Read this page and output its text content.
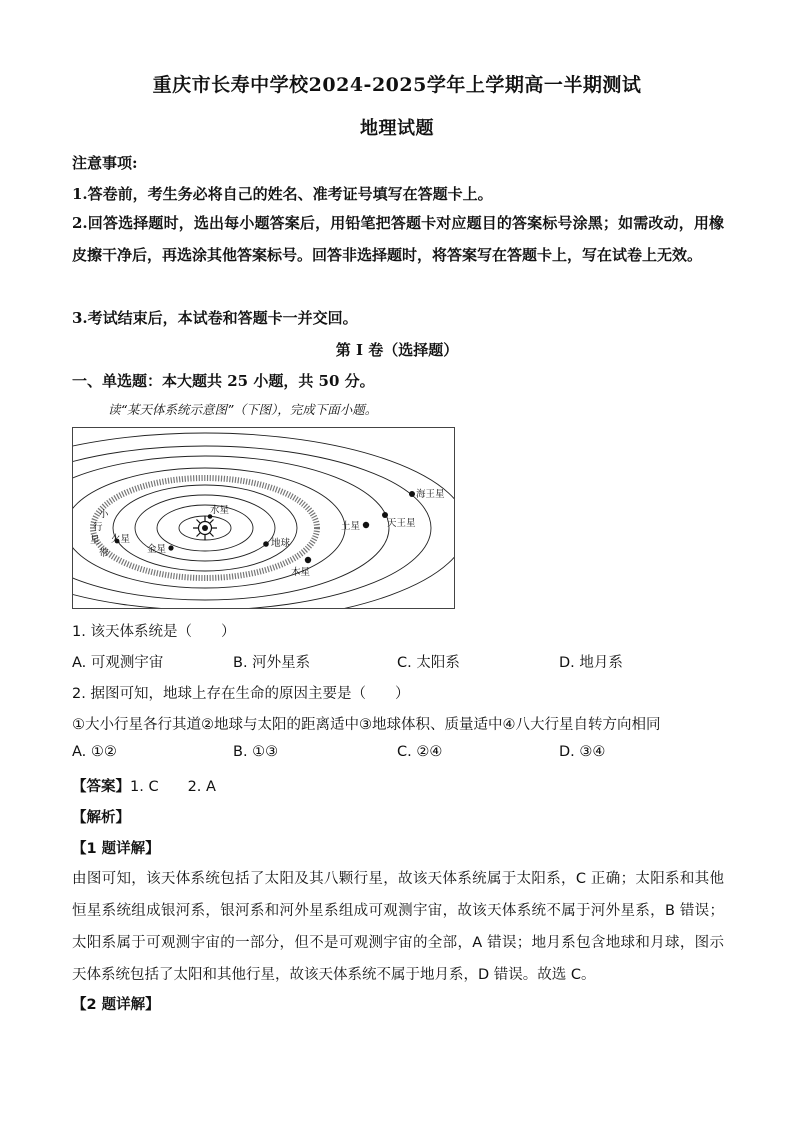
重庆市长寿中学校2024-2025学年上学期高一半期测试
地理试题
注意事项:
1.答卷前，考生务必将自己的姓名、准考证号填写在答题卡上。
2.回答选择题时，选出每小题答案后，用铅笔把答题卡对应题目的答案标号涂黑；如需改动，用橡皮擦干净后，再选涂其他答案标号。回答非选择题时，将答案写在答题卡上，写在试卷上无效。
3.考试结束后，本试卷和答题卡一并交回。
第 I 卷（选择题）
一、单选题：本大题共 25 小题，共 50 分。
读“某天体系统示意图”（下图），完成下面小题。
水星
金星
地球
火星
木星
土星	天王星
海王星
小
行
星
带
1. 该天体系统是（　　）
A. 可观测宇宙	B. 河外星系	C. 太阳系	D. 地月系
2. 据图可知，地球上存在生命的原因主要是（　　）
①大小行星各行其道②地球与太阳的距离适中③地球体积、质量适中④八大行星自转方向相同
A. ①②	B. ①③	C. ②④	D. ③④
【答案】1. C　　2. A
【解析】
【1 题详解】
由图可知，该天体系统包括了太阳及其八颗行星，故该天体系统属于太阳系，C 正确；太阳系和其他恒星系统组成银河系，银河系和河外星系组成可观测宇宙，故该天体系统不属于河外星系，B 错误；太阳系属于可观测宇宙的一部分，但不是可观测宇宙的全部，A 错误；地月系包含地球和月球，图示天体系统包括了太阳和其他行星，故该天体系统不属于地月系，D 错误。故选 C。
【2 题详解】
